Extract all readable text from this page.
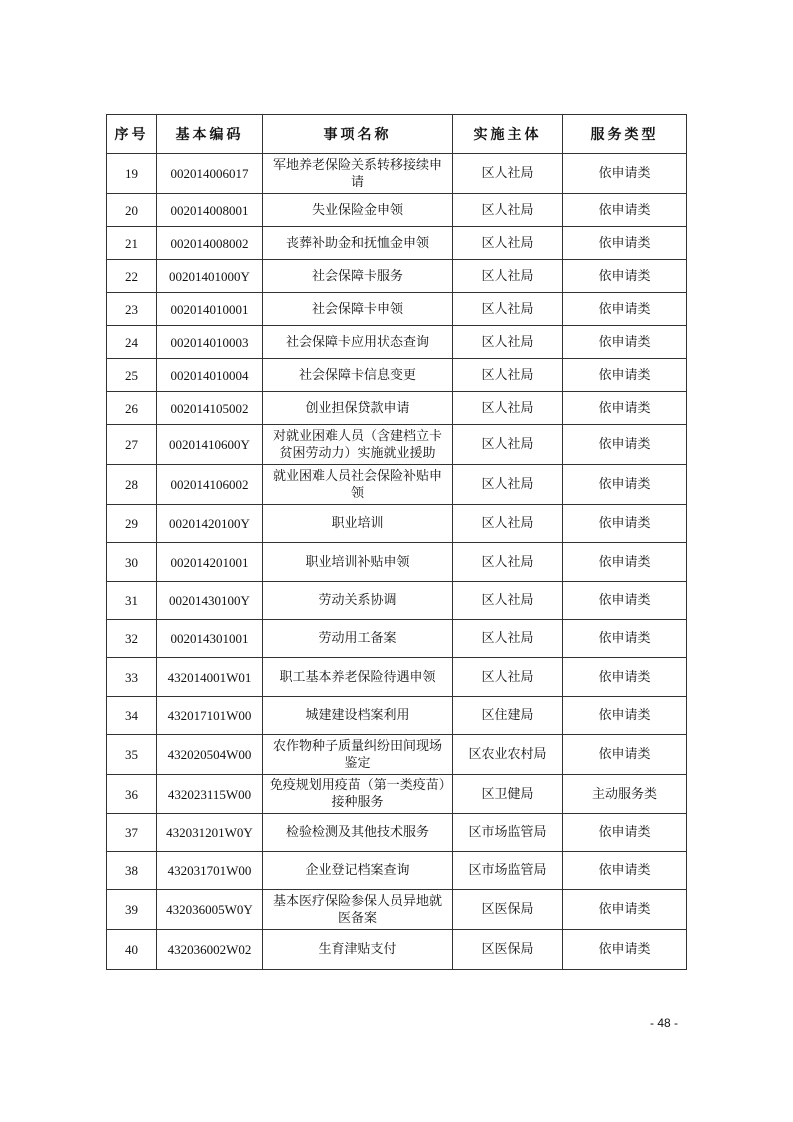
序号	基本编码	事项名称	实施主体	服务类型
19	002014006017	军地养老保险关系转移接续申请	区人社局	依申请类
20	002014008001	失业保险金申领	区人社局	依申请类
21	002014008002	丧葬补助金和抚恤金申领	区人社局	依申请类
22	00201401000Y	社会保障卡服务	区人社局	依申请类
23	002014010001	社会保障卡申领	区人社局	依申请类
24	002014010003	社会保障卡应用状态查询	区人社局	依申请类
25	002014010004	社会保障卡信息变更	区人社局	依申请类
26	002014105002	创业担保贷款申请	区人社局	依申请类
27	00201410600Y	对就业困难人员（含建档立卡贫困劳动力）实施就业援助	区人社局	依申请类
28	002014106002	就业困难人员社会保险补贴申领	区人社局	依申请类
29	00201420100Y	职业培训	区人社局	依申请类
30	002014201001	职业培训补贴申领	区人社局	依申请类
31	00201430100Y	劳动关系协调	区人社局	依申请类
32	002014301001	劳动用工备案	区人社局	依申请类
33	432014001W01	职工基本养老保险待遇申领	区人社局	依申请类
34	432017101W00	城建建设档案利用	区住建局	依申请类
35	432020504W00	农作物种子质量纠纷田间现场鉴定	区农业农村局	依申请类
36	432023115W00	免疫规划用疫苗（第一类疫苗）接种服务	区卫健局	主动服务类
37	432031201W0Y	检验检测及其他技术服务	区市场监管局	依申请类
38	432031701W00	企业登记档案查询	区市场监管局	依申请类
39	432036005W0Y	基本医疗保险参保人员异地就医备案	区医保局	依申请类
40	432036002W02	生育津贴支付	区医保局	依申请类
- 48 -
